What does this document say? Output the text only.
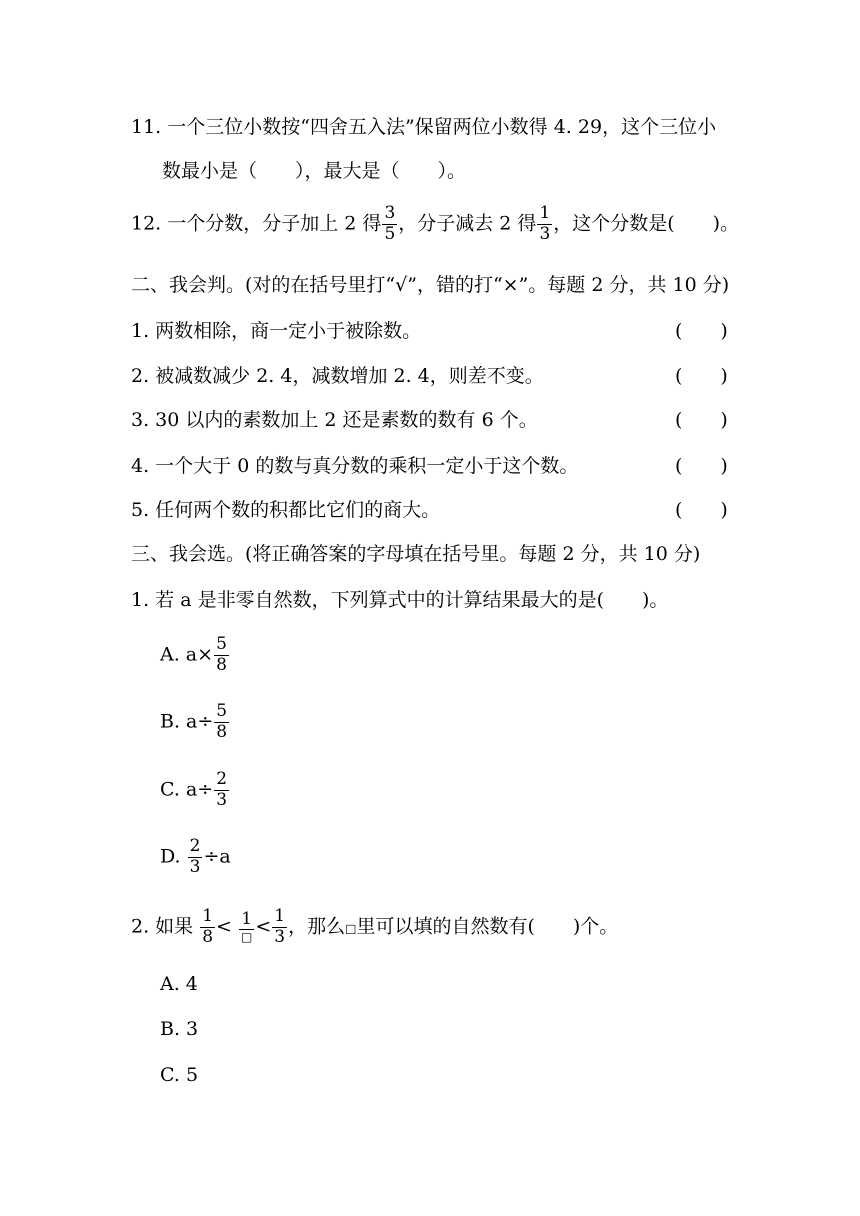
11. 一个三位小数按“四舍五入法”保留两位小数得 4. 29，这个三位小
数最小是（　　），最大是（　　）。
12. 一个分数，分子加上 2 得 $\frac{3}{5}$ ，分子减去 2 得 $\frac{1}{3}$ ，这个分数是(　　)。
二、我会判。(对的在括号里打“√”，错的打“×”。每题 2 分，共 10 分)
1. 两数相除，商一定小于被除数。	(　　)
2. 被减数减少 2. 4，减数增加 2. 4，则差不变。	(　　)
3. 30 以内的素数加上 2 还是素数的数有 6 个。	(　　)
4. 一个大于 0 的数与真分数的乘积一定小于这个数。	(　　)
5. 任何两个数的积都比它们的商大。	(　　)
三、我会选。(将正确答案的字母填在括号里。每题 2 分，共 10 分)
1. 若 a 是非零自然数，下列算式中的计算结果最大的是(　　)。
A. $a\times \frac{5}{8}$
B. $a\div \frac{5}{8}$
C. $a\div \frac{2}{3}$
D. $\frac{2}{3} \div a$
2. 如果 $\frac{1}{8} < \frac{1}{□} < \frac{1}{3}$ ，那么□里可以填的自然数有(　　)个。
A. 4
B. 3
C. 5
